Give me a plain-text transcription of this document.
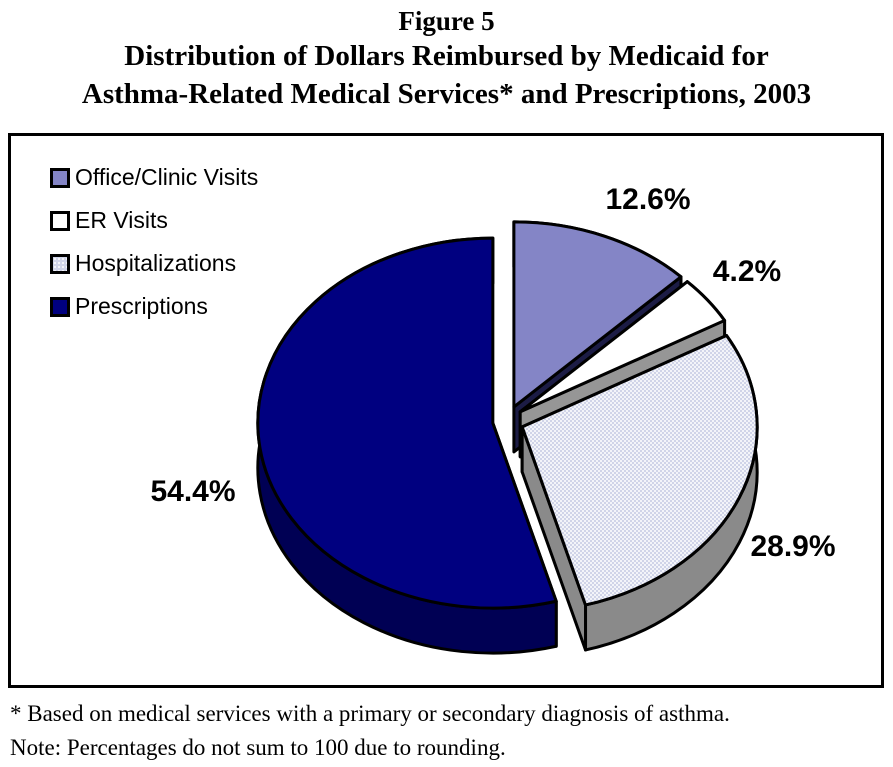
Figure 5
Distribution of Dollars Reimbursed by Medicaid for
Asthma-Related Medical Services* and Prescriptions, 2003
12.6%
4.2%
28.9%
54.4%
Office/Clinic Visits
ER Visits
Hospitalizations
Prescriptions
* Based on medical services with a primary or secondary diagnosis of asthma.
Note: Percentages do not sum to 100 due to rounding.
